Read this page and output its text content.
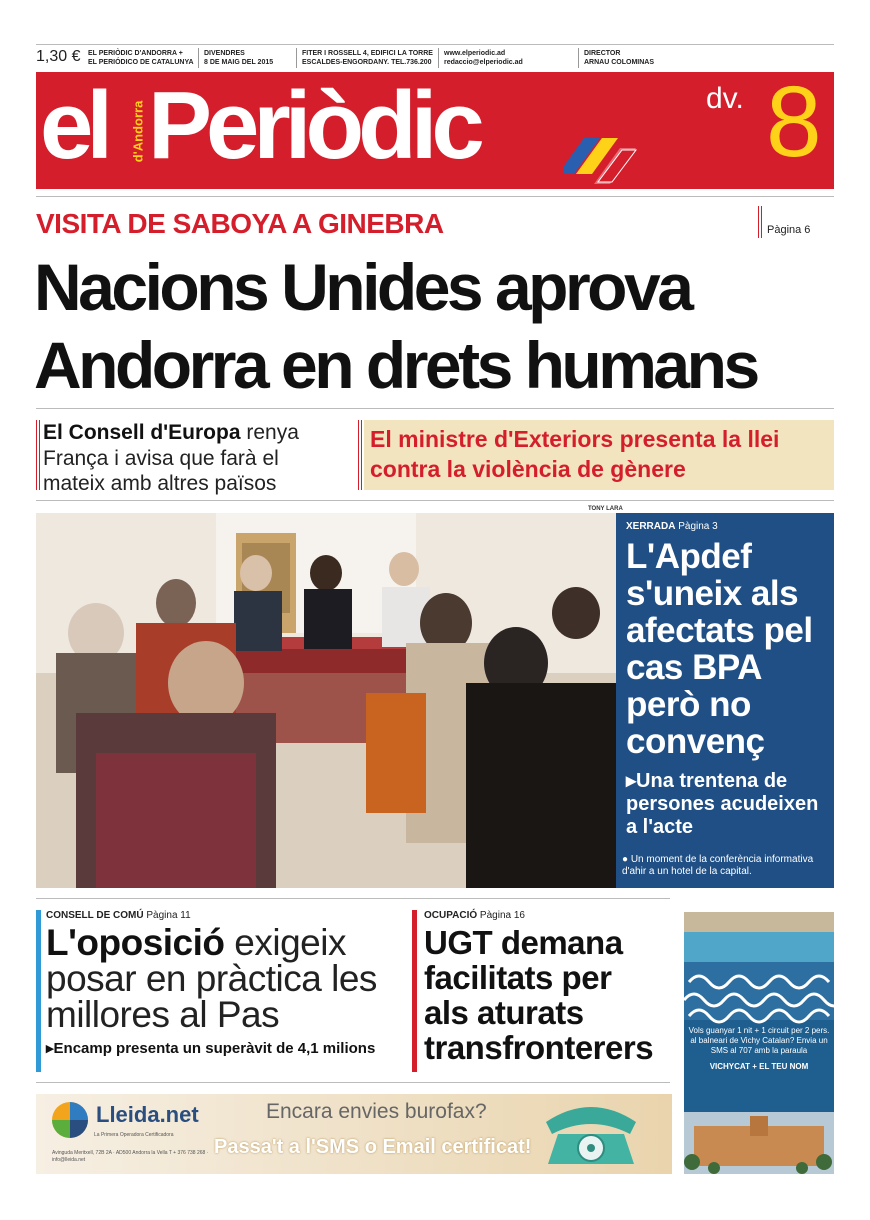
1,30 € EL PERIÒDIC D'ANDORRA +
EL PERIÓDICO DE CATALUNYA
DIVENDRES
8 DE MAIG DEL 2015
FITER I ROSSELL 4, EDIFICI LA TORRE
ESCALDES-ENGORDANY. TEL.736.200
www.elperiodic.ad
redaccio@elperiodic.ad
DIRECTOR
ARNAU COLOMINAS
el d'Andorra Periòdic	dv. 8
VISITA DE SABOYA A GINEBRA	Pàgina 6
Nacions Unides aprova
Andorra en drets humans
El Consell d'Europa renya França i avisa que farà el mateix amb altres països
El ministre d'Exteriors presenta la llei contra la violència de gènere
TONY LARA
XERRADA Pàgina 3
L'Apdef s'uneix als afectats pel cas BPA però no convenç
▸Una trentena de persones acudeixen a l'acte
● Un moment de la conferència informativa d'ahir a un hotel de la capital.
CONSELL DE COMÚ Pàgina 11
L'oposició exigeix posar en pràctica les millores al Pas
▸Encamp presenta un superàvit de 4,1 milions
OCUPACIÓ Pàgina 16
UGT demana facilitats per als aturats transfronterers	Vols guanyar 1 nit + 1 circuit per 2 pers. al balneari de Vichy Catalan? Envia un SMS al 707 amb la paraula
VICHYCAT + EL TEU NOM
Lleida.net
La Primera Operadora Certificadora
Avinguda Meritxell, 72B 2A · AD500 Andorra la Vella T + 376 738 268 · info@lleida.net
Encara envies burofax?
Passa't a l'SMS o Email certificat!
